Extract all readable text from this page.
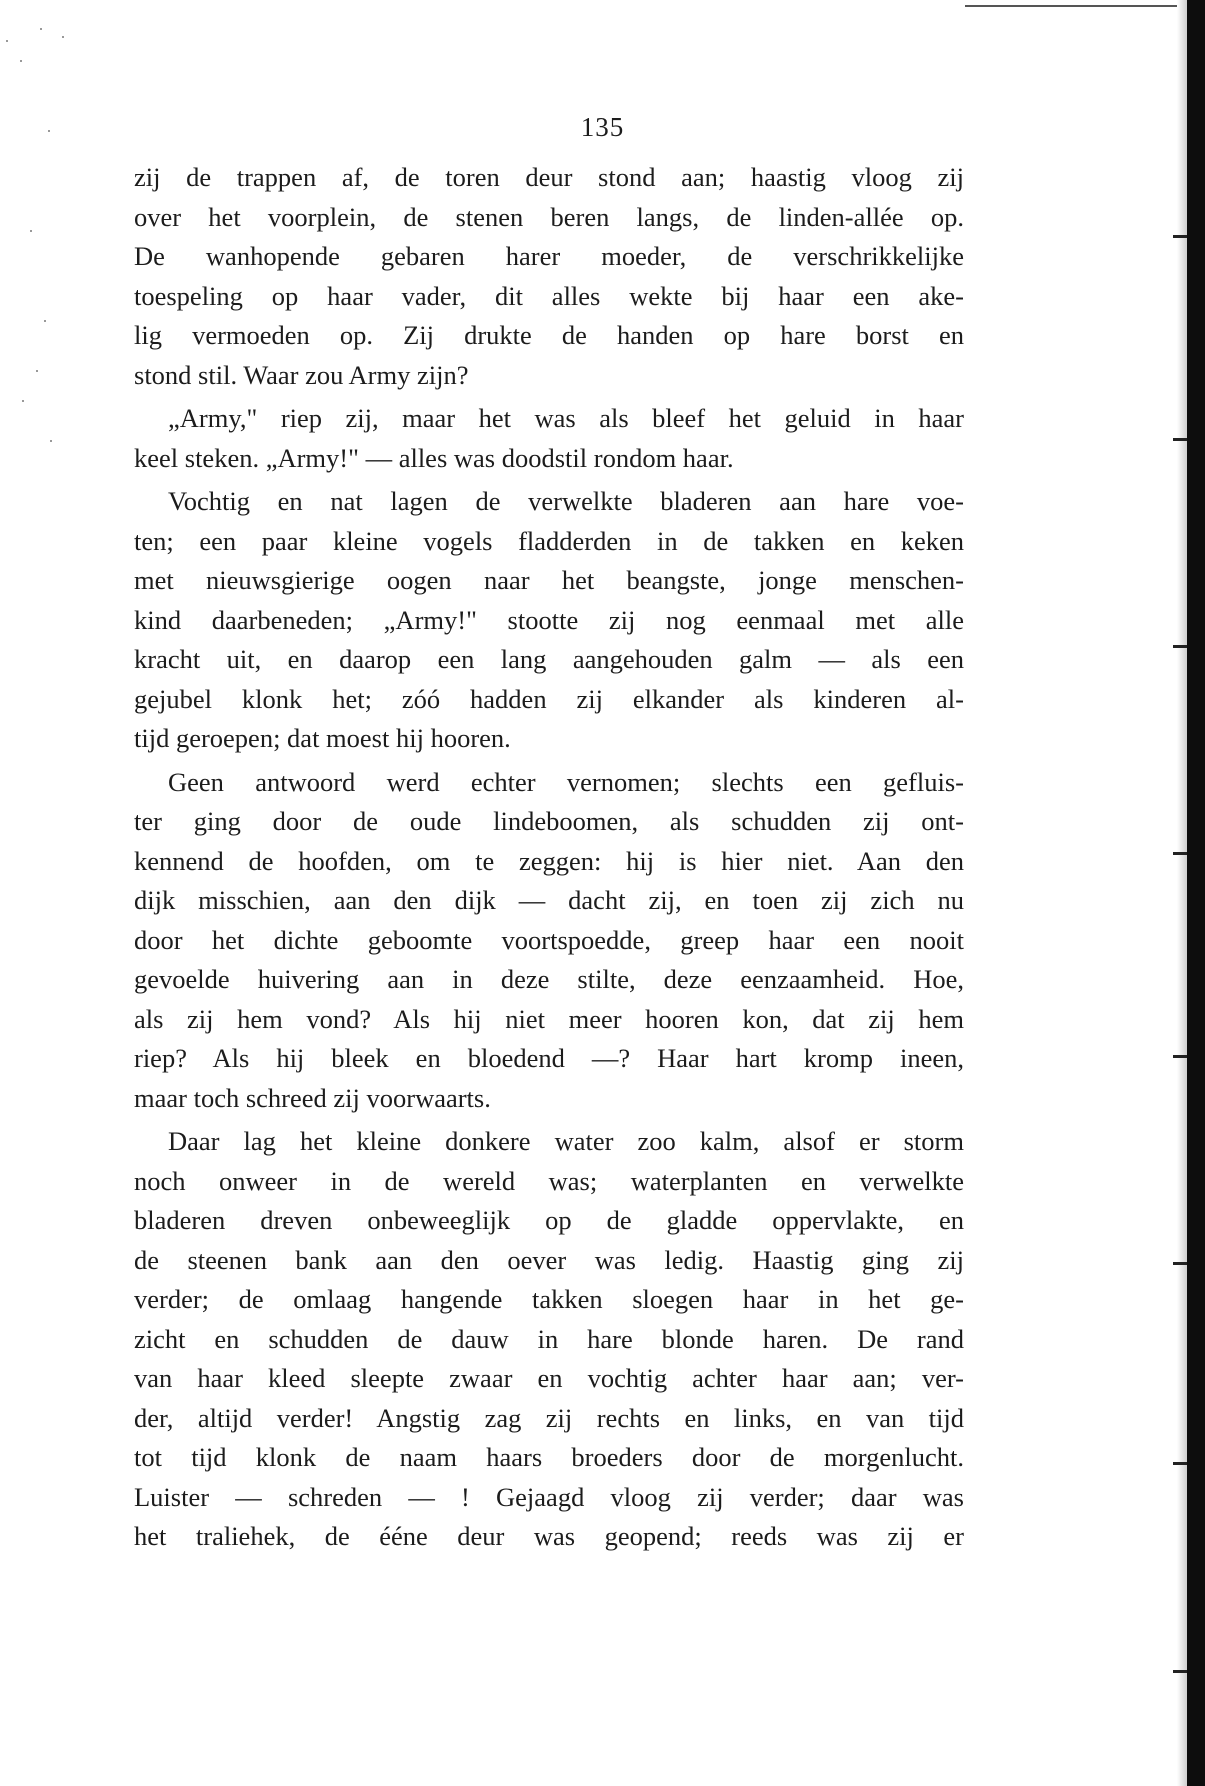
135
zij de trappen af, de toren deur stond aan; haastig vloog zij
over het voorplein, de stenen beren langs, de linden-allée op.
De wanhopende gebaren harer moeder, de verschrikkelijke
toespeling op haar vader, dit alles wekte bij haar een ake-
lig vermoeden op. Zij drukte de handen op hare borst en
stond stil. Waar zou Army zijn?
„Army," riep zij, maar het was als bleef het geluid in haar
keel steken. „Army!" — alles was doodstil rondom haar.
Vochtig en nat lagen de verwelkte bladeren aan hare voe-
ten; een paar kleine vogels fladderden in de takken en keken
met nieuwsgierige oogen naar het beangste, jonge menschen-
kind daarbeneden; „Army!" stootte zij nog eenmaal met alle
kracht uit, en daarop een lang aangehouden galm — als een
gejubel klonk het; zóó hadden zij elkander als kinderen al-
tijd geroepen; dat moest hij hooren.
Geen antwoord werd echter vernomen; slechts een gefluis-
ter ging door de oude lindeboomen, als schudden zij ont-
kennend de hoofden, om te zeggen: hij is hier niet. Aan den
dijk misschien, aan den dijk — dacht zij, en toen zij zich nu
door het dichte geboomte voortspoedde, greep haar een nooit
gevoelde huivering aan in deze stilte, deze eenzaamheid. Hoe,
als zij hem vond? Als hij niet meer hooren kon, dat zij hem
riep? Als hij bleek en bloedend —? Haar hart kromp ineen,
maar toch schreed zij voorwaarts.
Daar lag het kleine donkere water zoo kalm, alsof er storm
noch onweer in de wereld was; waterplanten en verwelkte
bladeren dreven onbeweeglijk op de gladde oppervlakte, en
de steenen bank aan den oever was ledig. Haastig ging zij
verder; de omlaag hangende takken sloegen haar in het ge-
zicht en schudden de dauw in hare blonde haren. De rand
van haar kleed sleepte zwaar en vochtig achter haar aan; ver-
der, altijd verder! Angstig zag zij rechts en links, en van tijd
tot tijd klonk de naam haars broeders door de morgenlucht.
Luister — schreden — ! Gejaagd vloog zij verder; daar was
het traliehek, de ééne deur was geopend; reeds was zij er
